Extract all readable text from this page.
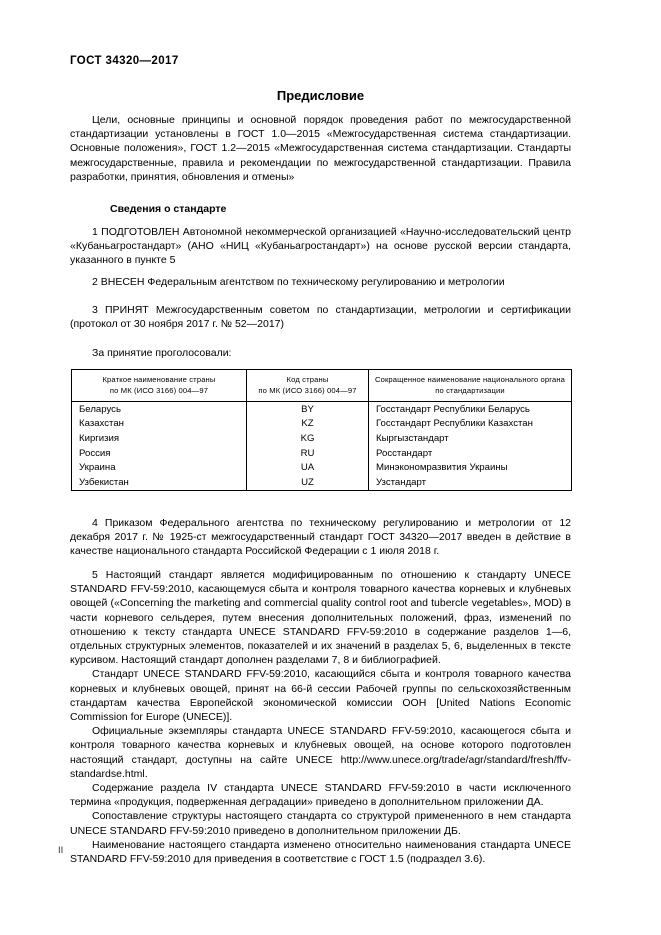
ГОСТ 34320—2017
Предисловие

Цели, основные принципы и основной порядок проведения работ по межгосударственной стандартизации установлены в ГОСТ 1.0—2015 «Межгосударственная система стандартизации. Основные положения», ГОСТ 1.2—2015 «Межгосударственная система стандартизации. Стандарты межгосударственные, правила и рекомендации по межгосударственной стандартизации. Правила разработки, принятия, обновления и отмены»

Сведения о стандарте

1 ПОДГОТОВЛЕН Автономной некоммерческой организацией «Научно-исследовательский центр «Кубаньагростандарт» (АНО «НИЦ «Кубаньагростандарт») на основе русской версии стандарта, указанного в пункте 5

2 ВНЕСЕН Федеральным агентством по техническому регулированию и метрологии

3 ПРИНЯТ Межгосударственным советом по стандартизации, метрологии и сертификации (протокол от 30 ноября 2017 г. № 52—2017)

За принятие проголосовали:

Краткое наименование страны
по МК (ИСО 3166) 004—97	Код страны
по МК (ИСО 3166) 004—97	Сокращенное наименование национального органа
по стандартизации
Беларусь	BY	Госстандарт Республики Беларусь
Казахстан	KZ	Госстандарт Республики Казахстан
Киргизия	KG	Кыргызстандарт
Россия	RU	Росстандарт
Украина	UA	Минэкономразвития Украины
Узбекистан	UZ	Узстандарт

4 Приказом Федерального агентства по техническому регулированию и метрологии от 12 декабря 2017 г. № 1925-ст межгосударственный стандарт ГОСТ 34320—2017 введен в действие в качестве национального стандарта Российской Федерации с 1 июля 2018 г.

5 Настоящий стандарт является модифицированным по отношению к стандарту UNECE STANDARD FFV-59:2010, касающемуся сбыта и контроля товарного качества корневых и клубневых овощей («Concerning the marketing and commercial quality control root and tubercle vegetables», MOD) в части корневого сельдерея, путем внесения дополнительных положений, фраз, изменений по отношению к тексту стандарта UNECE STANDARD FFV-59:2010 в содержание разделов 1—6, отдельных структурных элементов, показателей и их значений в разделах 5, 6, выделенных в тексте курсивом. Настоящий стандарт дополнен разделами 7, 8 и библиографией.

Стандарт UNECE STANDARD FFV-59:2010, касающийся сбыта и контроля товарного качества корневых и клубневых овощей, принят на 66-й сессии Рабочей группы по сельскохозяйственным стандартам качества Европейской экономической комиссии ООН [United Nations Economic Commission for Europe (UNECE)].

Официальные экземпляры стандарта UNECE STANDARD FFV-59:2010, касающегося сбыта и контроля товарного качества корневых и клубневых овощей, на основе которого подготовлен настоящий стандарт, доступны на сайте UNECE http://www.unece.org/trade/agr/standard/fresh/ffv-standardse.html.

Содержание раздела IV стандарта UNECE STANDARD FFV-59:2010 в части исключенного термина «продукция, подверженная деградации» приведено в дополнительном приложении ДА.

Сопоставление структуры настоящего стандарта со структурой примененного в нем стандарта UNECE STANDARD FFV-59:2010 приведено в дополнительном приложении ДБ.

Наименование настоящего стандарта изменено относительно наименования стандарта UNECE STANDARD FFV-59:2010 для приведения в соответствие с ГОСТ 1.5 (подраздел 3.6).

II
